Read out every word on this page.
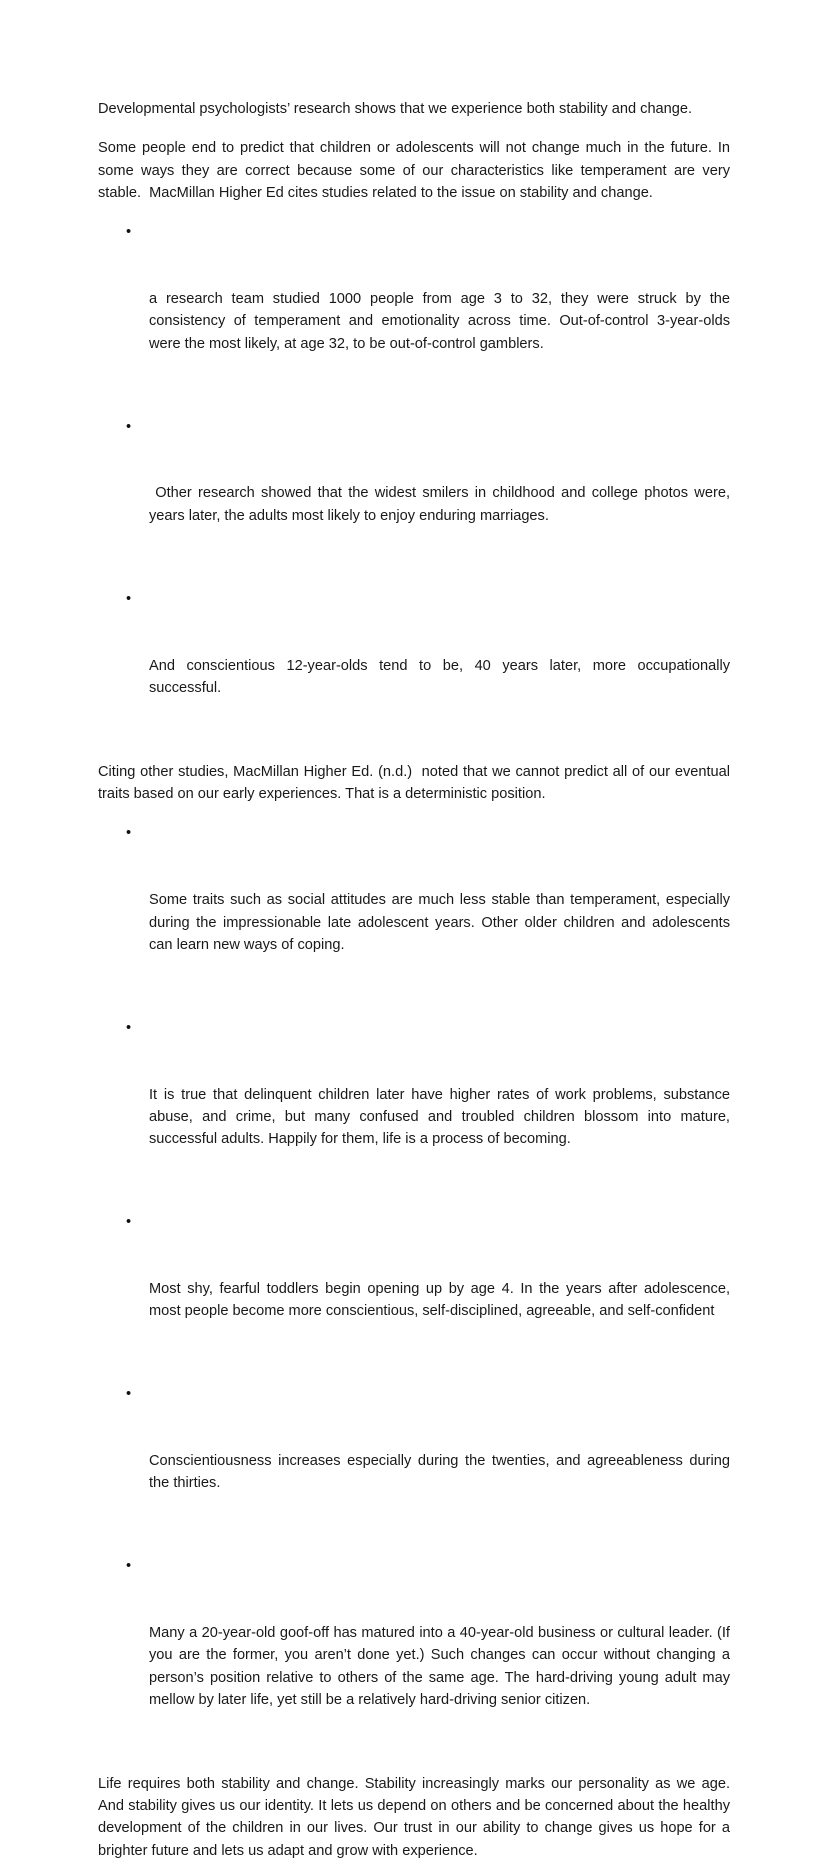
Developmental psychologists’ research shows that we experience both stability and change.

Some people end to predict that children or adolescents will not change much in the future. In some ways they are correct because some of our characteristics like temperament are very stable.  MacMillan Higher Ed cites studies related to the issue on stability and change.

•

a research team studied 1000 people from age 3 to 32, they were struck by the consistency of temperament and emotionality across time. Out-of-control 3-year-olds were the most likely, at age 32, to be out-of-control gamblers.

•

Other research showed that the widest smilers in childhood and college photos were, years later, the adults most likely to enjoy enduring marriages.

•

And conscientious 12-year-olds tend to be, 40 years later, more occupationally successful.

Citing other studies, MacMillan Higher Ed. (n.d.)  noted that we cannot predict all of our eventual traits based on our early experiences. That is a deterministic position.

•

Some traits such as social attitudes are much less stable than temperament, especially during the impressionable late adolescent years. Other older children and adolescents can learn new ways of coping.

•

It is true that delinquent children later have higher rates of work problems, substance abuse, and crime, but many confused and troubled children blossom into mature, successful adults. Happily for them, life is a process of becoming.

•

Most shy, fearful toddlers begin opening up by age 4. In the years after adolescence, most people become more conscientious, self-disciplined, agreeable, and self-confident

•

Conscientiousness increases especially during the twenties, and agreeableness during the thirties.

•

Many a 20-year-old goof-off has matured into a 40-year-old business or cultural leader. (If you are the former, you aren’t done yet.) Such changes can occur without changing a person’s position relative to others of the same age. The hard-driving young adult may mellow by later life, yet still be a relatively hard-driving senior citizen.

Life requires both stability and change. Stability increasingly marks our personality as we age. And stability gives us our identity. It lets us depend on others and be concerned about the healthy development of the children in our lives. Our trust in our ability to change gives us hope for a brighter future and lets us adapt and grow with experience.
